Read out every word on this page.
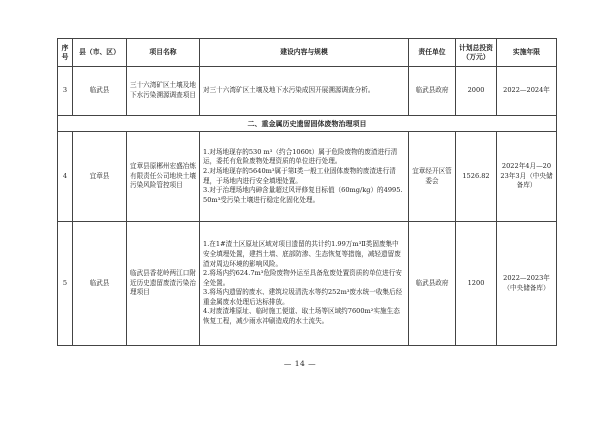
序号	县（市、区）	项目名称	建设内容与规模	责任单位	计划总投资（万元）	实施年限
3	临武县	三十六湾矿区土壤及地下水污染溯源调查项目	对三十六湾矿区土壤及地下水污染成因开展溯源调查分析。	临武县政府	2000	2022—2024年
二、重金属历史遗留固体废物治理项目						
4	宜章县	宜章县原郴州宏盛冶炼有限责任公司地块土壤污染风险管控项目	1.对场地现存的530 m³（约合1060t）属于危险废物的废渣进行清运，委托有危险废物处理资质的单位进行处理。

2.对场地现存的5640m³属于第Ⅰ类一般工业固体废物的废渣进行清理，于场地内进行安全填埋处置。

3.对于治理场地内砷含量超过风评修复目标值（60mg/kg）的4995.50m³受污染土壤进行稳定化固化处理。	宜章经开区管委会	1526.82	2022年4月—2023年3月（中央储备库）
5	临武县	临武县香花岭两江口附近历史遗留废渣污染治理项目	1.在1#渣土区原址区域对项目遗留的共计约1.99万m³Ⅱ类固废集中安全填埋处置，建挡土墙、底部防渗、生态恢复等措施，减轻遗留废渣对周边环境的影响风险。

2.将场内约624.7m³危险废物外运至具备危废处置资质的单位进行安全处置。

3.将场内遗留的废水、建筑垃圾清洗水等约252m³废水统一收集后经重金属废水处理后达标排放。

4.对废渣堆原址、临时施工便道、取土场等区域约7600m²实施生态恢复工程，减少雨水冲刷造成的水土流失。	临武县政府	1200	2022—2023年（中央储备库）
— 14 —
